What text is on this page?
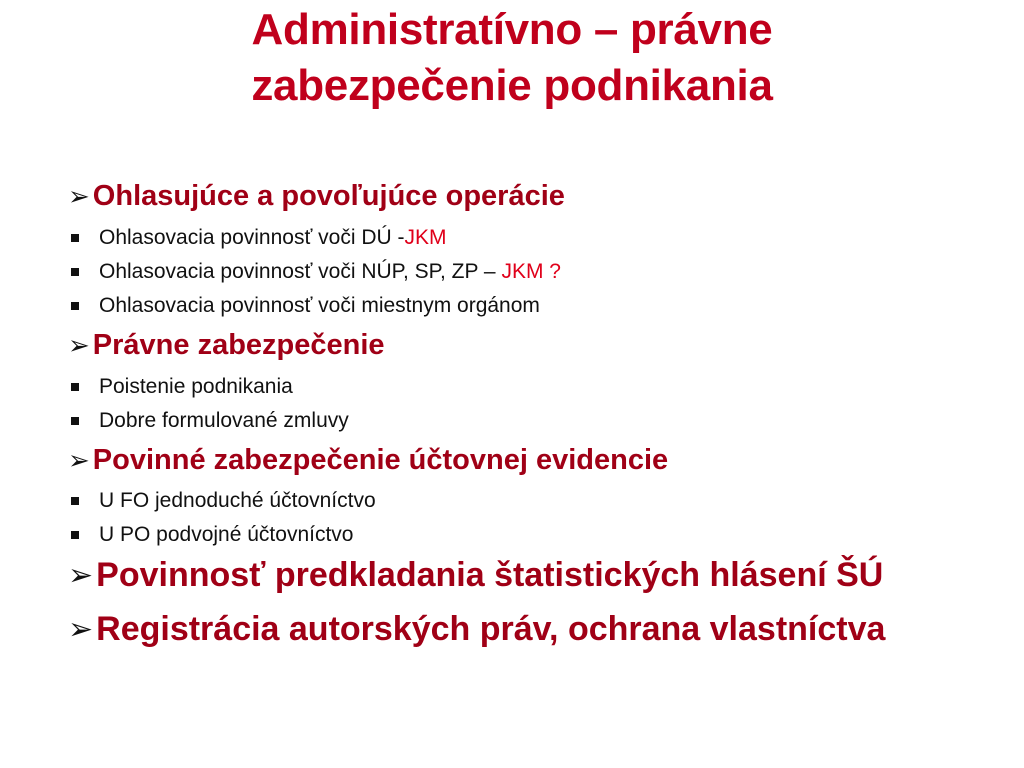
Administratívno – právne
zabezpečenie podnikania
➢ Ohlasujúce a povoľujúce operácie
Ohlasovacia povinnosť voči DÚ - JKM
Ohlasovacia povinnosť voči NÚP, SP, ZP – JKM ?
Ohlasovacia povinnosť voči miestnym orgánom
➢ Právne zabezpečenie
Poistenie podnikania
Dobre formulované zmluvy
➢ Povinné zabezpečenie účtovnej evidencie
U FO jednoduché účtovníctvo
U PO podvojné účtovníctvo
➢ Povinnosť predkladania štatistických hlásení ŠÚ
➢ Registrácia autorských práv, ochrana vlastníctva
